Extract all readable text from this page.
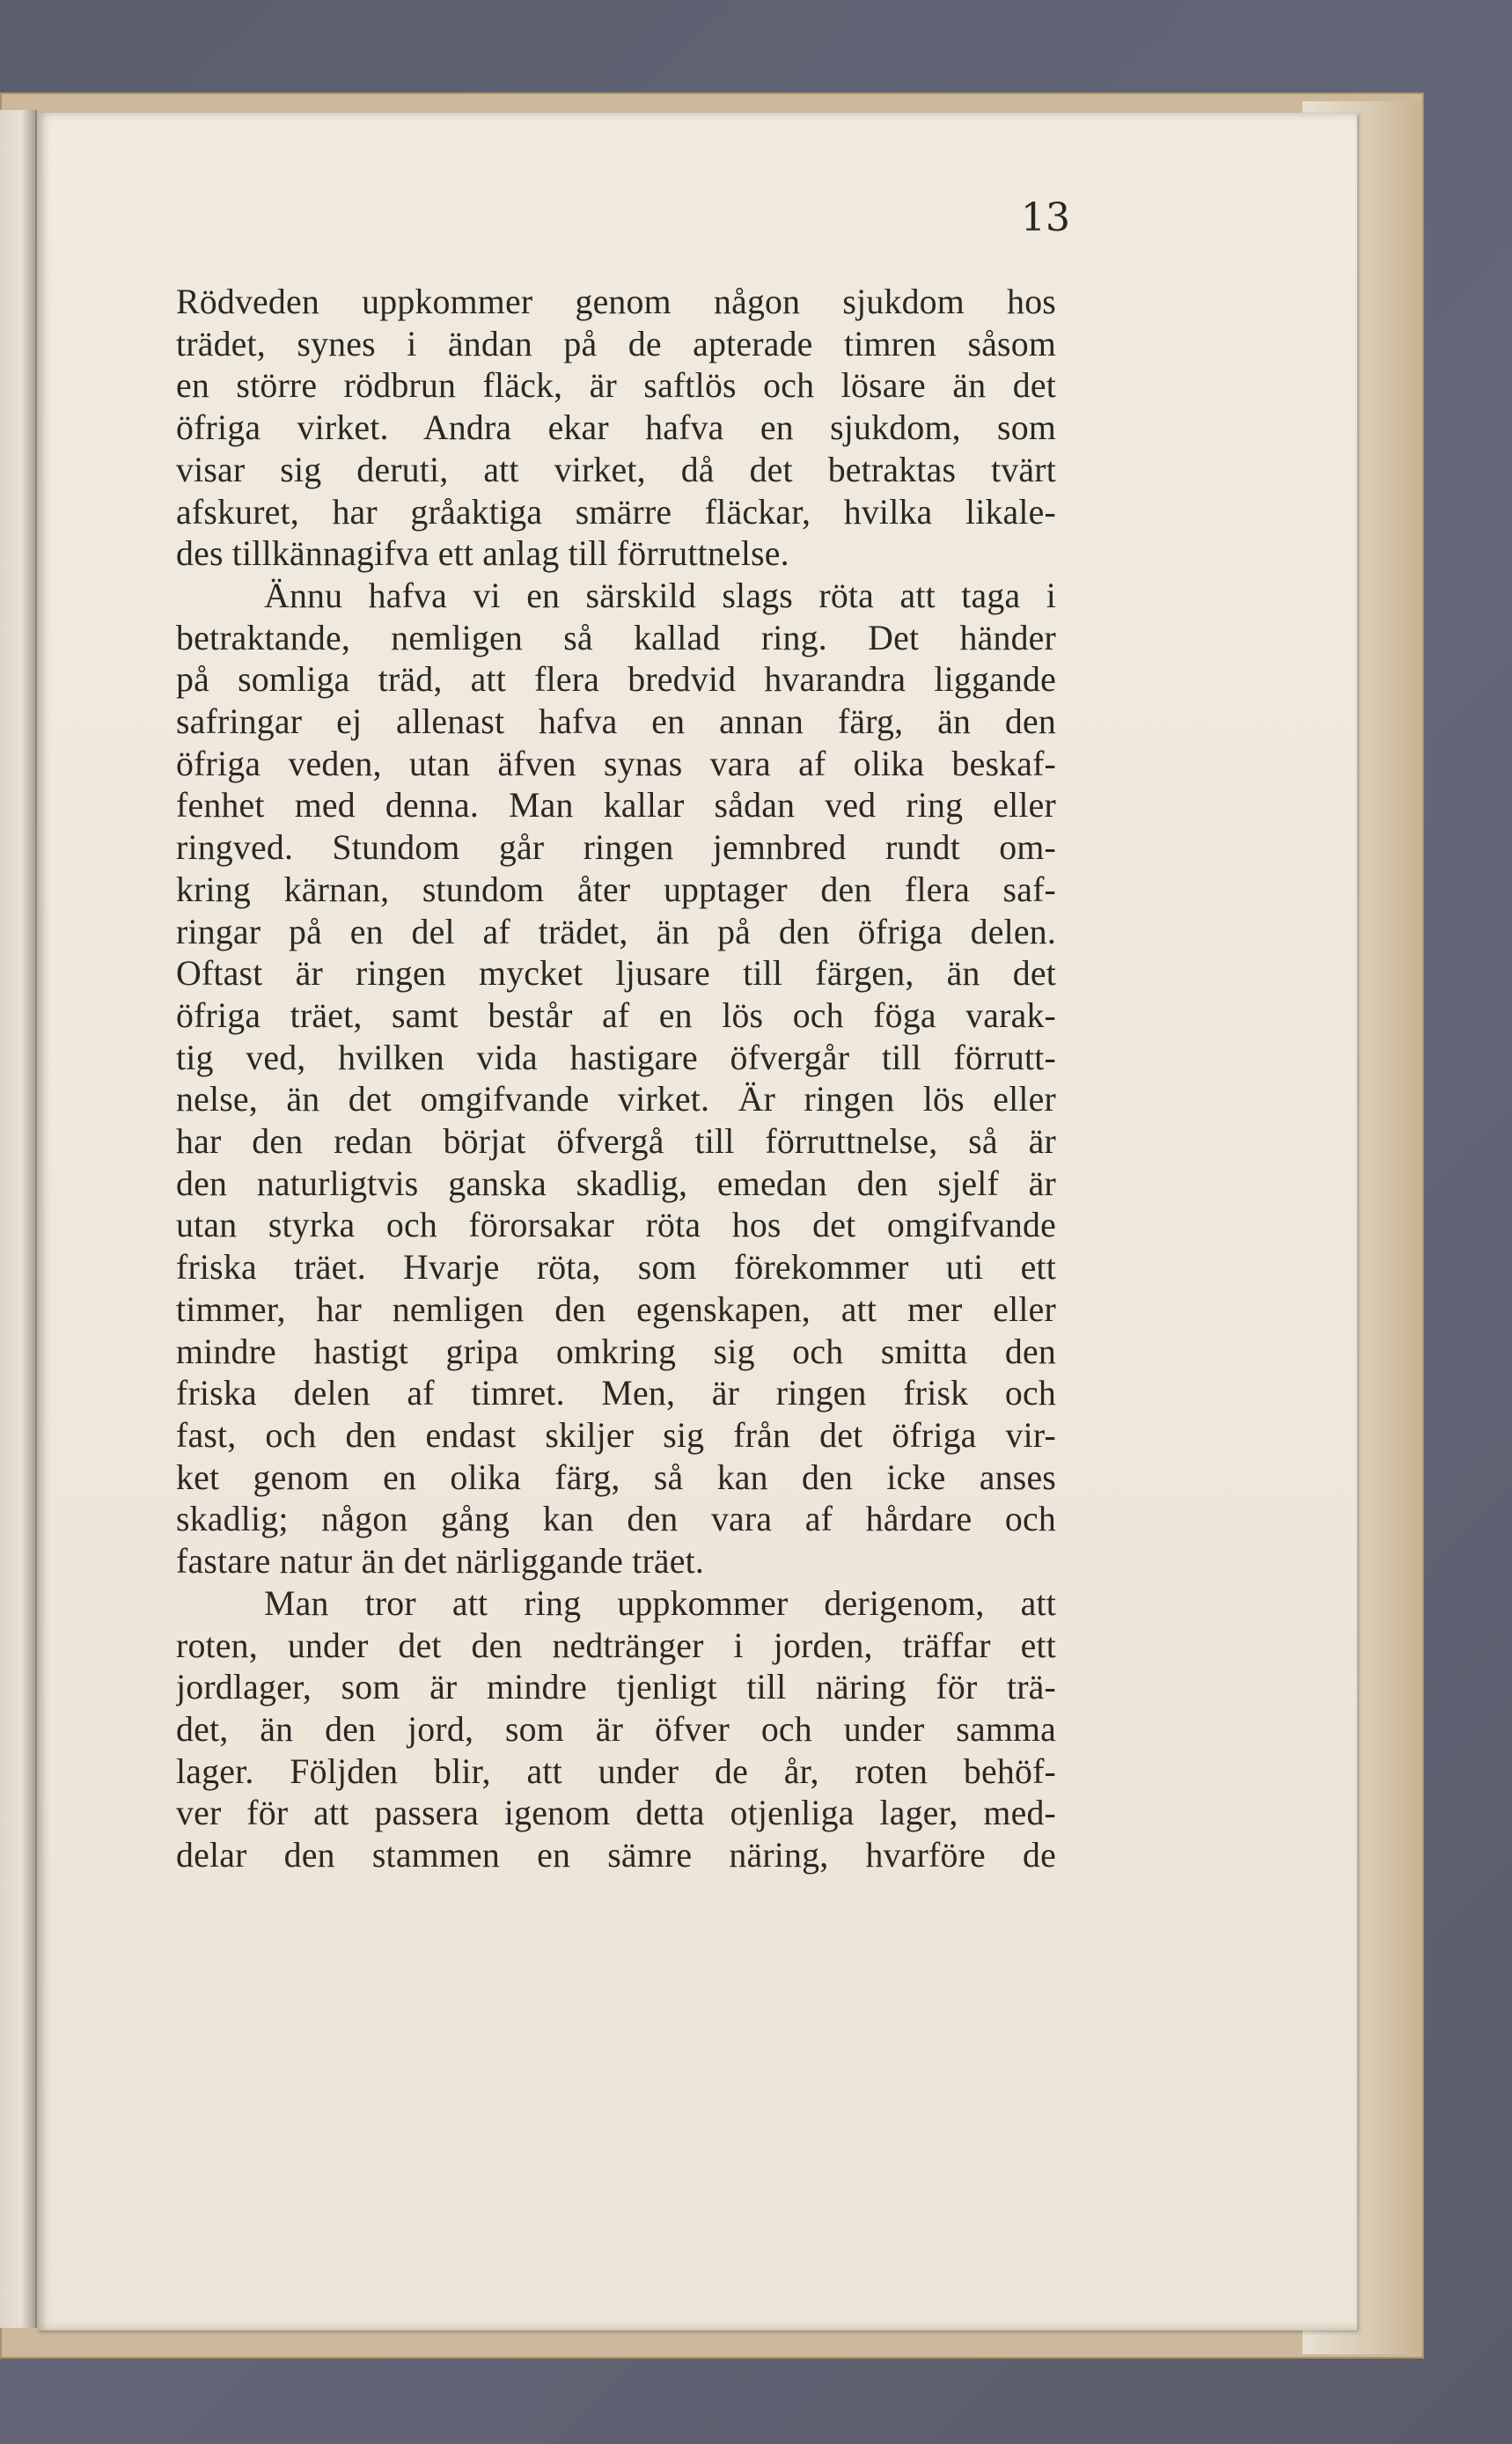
13
Rödveden uppkommer genom någon sjukdom hos
trädet, synes i ändan på de apterade timren såsom
en större rödbrun fläck, är saftlös och lösare än det
öfriga virket. Andra ekar hafva en sjukdom, som
visar sig deruti, att virket, då det betraktas tvärt
afskuret, har gråaktiga smärre fläckar, hvilka likale-
des tillkännagifva ett anlag till förruttnelse.
Ännu hafva vi en särskild slags röta att taga i
betraktande, nemligen så kallad ring. Det händer
på somliga träd, att flera bredvid hvarandra liggande
safringar ej allenast hafva en annan färg, än den
öfriga veden, utan äfven synas vara af olika beskaf-
fenhet med denna. Man kallar sådan ved ring eller
ringved. Stundom går ringen jemnbred rundt om-
kring kärnan, stundom åter upptager den flera saf-
ringar på en del af trädet, än på den öfriga delen.
Oftast är ringen mycket ljusare till färgen, än det
öfriga träet, samt består af en lös och föga varak-
tig ved, hvilken vida hastigare öfvergår till förrutt-
nelse, än det omgifvande virket. Är ringen lös eller
har den redan börjat öfvergå till förruttnelse, så är
den naturligtvis ganska skadlig, emedan den sjelf är
utan styrka och förorsakar röta hos det omgifvande
friska träet. Hvarje röta, som förekommer uti ett
timmer, har nemligen den egenskapen, att mer eller
mindre hastigt gripa omkring sig och smitta den
friska delen af timret. Men, är ringen frisk och
fast, och den endast skiljer sig från det öfriga vir-
ket genom en olika färg, så kan den icke anses
skadlig; någon gång kan den vara af hårdare och
fastare natur än det närliggande träet.
Man tror att ring uppkommer derigenom, att
roten, under det den nedtränger i jorden, träffar ett
jordlager, som är mindre tjenligt till näring för trä-
det, än den jord, som är öfver och under samma
lager. Följden blir, att under de år, roten behöf-
ver för att passera igenom detta otjenliga lager, med-
delar den stammen en sämre näring, hvarföre de
